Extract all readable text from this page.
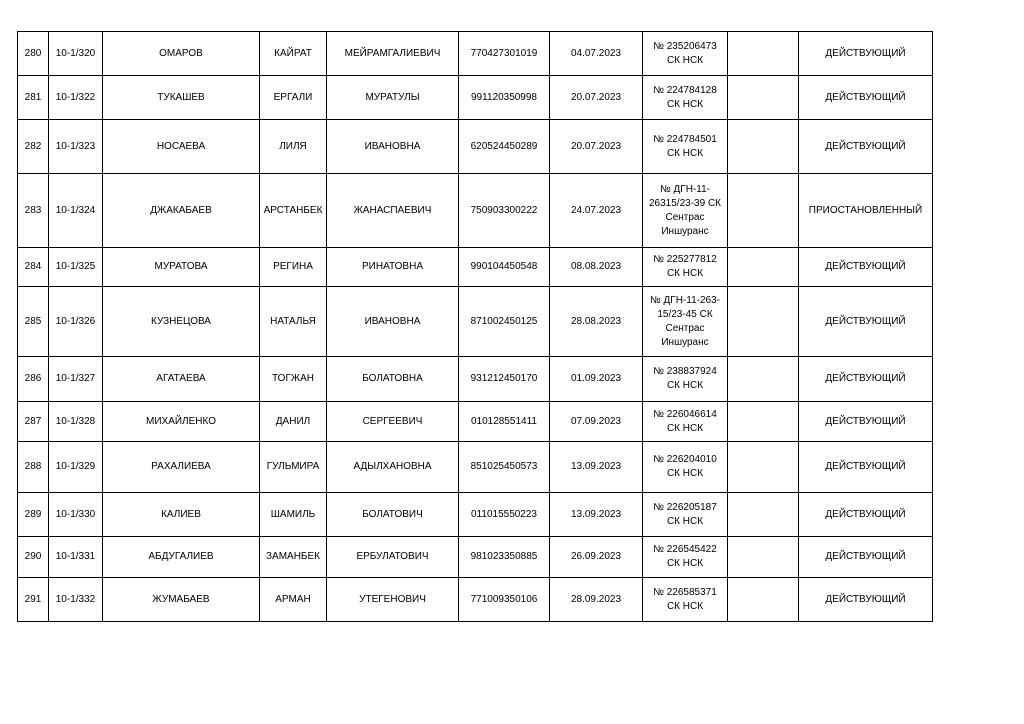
280	10-1/320	ОМАРОВ	КАЙРАТ	МЕЙРАМГАЛИЕВИЧ	770427301019	04.07.2023	№ 235206473
СК НСК		ДЕЙСТВУЮЩИЙ
281	10-1/322	ТУКАШЕВ	ЕРГАЛИ	МУРАТУЛЫ	991120350998	20.07.2023	№ 224784128
СК НСК		ДЕЙСТВУЮЩИЙ
282	10-1/323	НОСАЕВА	ЛИЛЯ	ИВАНОВНА	620524450289	20.07.2023	№ 224784501
СК НСК		ДЕЙСТВУЮЩИЙ
283	10-1/324	ДЖАКАБАЕВ	АРСТАНБЕК	ЖАНАСПАЕВИЧ	750903300222	24.07.2023	№ ДГН-11-
26315/23-39 СК
Сентрас
Иншуранс		ПРИОСТАНОВЛЕННЫЙ
284	10-1/325	МУРАТОВА	РЕГИНА	РИНАТОВНА	990104450548	08.08.2023	№ 225277812
СК НСК		ДЕЙСТВУЮЩИЙ
285	10-1/326	КУЗНЕЦОВА	НАТАЛЬЯ	ИВАНОВНА	871002450125	28.08.2023	№ ДГН-11-263-
15/23-45 СК
Сентрас
Иншуранс		ДЕЙСТВУЮЩИЙ
286	10-1/327	АГАТАЕВА	ТОГЖАН	БОЛАТОВНА	931212450170	01.09.2023	№ 238837924
СК НСК		ДЕЙСТВУЮЩИЙ
287	10-1/328	МИХАЙЛЕНКО	ДАНИЛ	СЕРГЕЕВИЧ	010128551411	07.09.2023	№ 226046614
СК НСК		ДЕЙСТВУЮЩИЙ
288	10-1/329	РАХАЛИЕВА	ГУЛЬМИРА	АДЫЛХАНОВНА	851025450573	13.09.2023	№ 226204010
СК НСК		ДЕЙСТВУЮЩИЙ
289	10-1/330	КАЛИЕВ	ШАМИЛЬ	БОЛАТОВИЧ	011015550223	13.09.2023	№ 226205187
СК НСК		ДЕЙСТВУЮЩИЙ
290	10-1/331	АБДУГАЛИЕВ	ЗАМАНБЕК	ЕРБУЛАТОВИЧ	981023350885	26.09.2023	№ 226545422
СК НСК		ДЕЙСТВУЮЩИЙ
291	10-1/332	ЖУМАБАЕВ	АРМАН	УТЕГЕНОВИЧ	771009350106	28.09.2023	№ 226585371
СК НСК		ДЕЙСТВУЮЩИЙ
